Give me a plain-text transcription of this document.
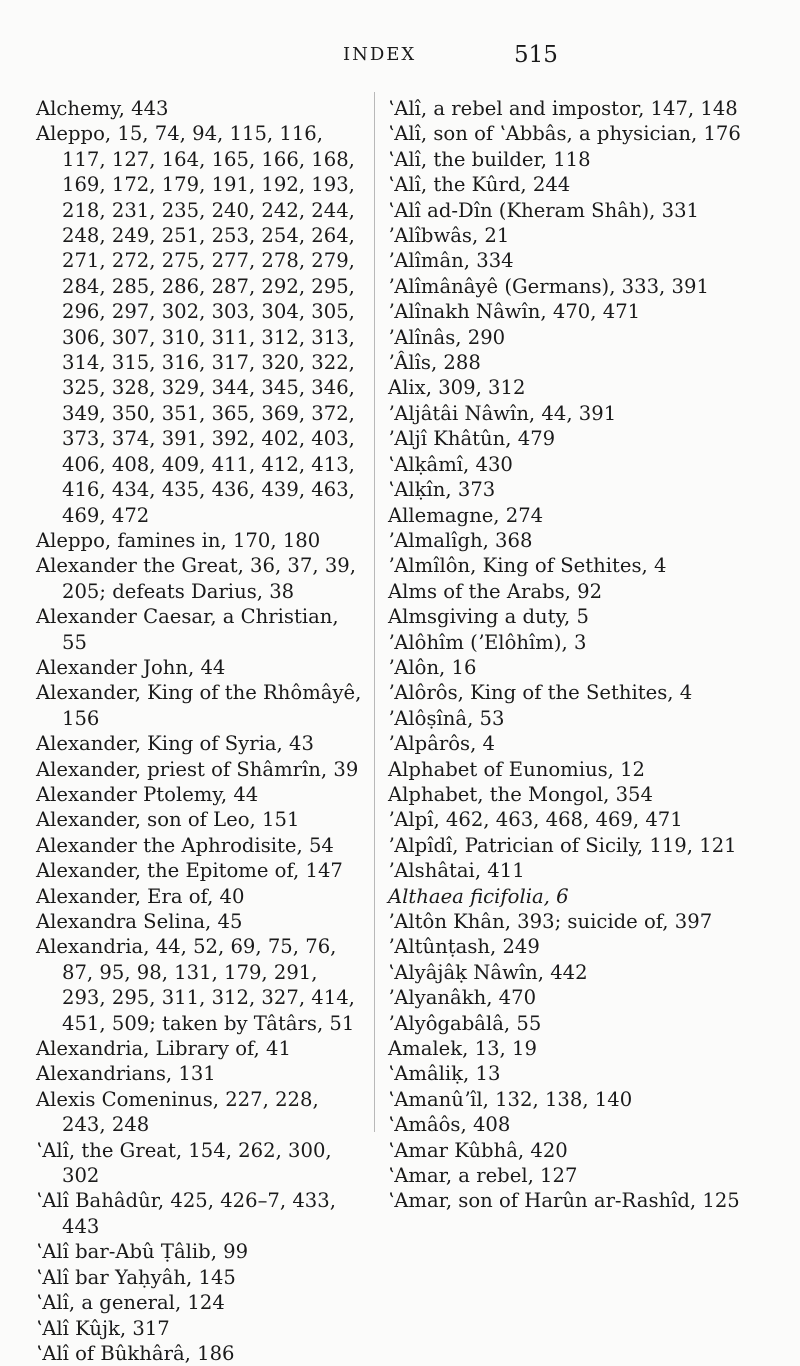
INDEX	515
Alchemy, 443
Aleppo, 15, 74, 94, 115, 116, 117, 127, 164, 165, 166, 168, 169, 172, 179, 191, 192, 193, 218, 231, 235, 240, 242, 244, 248, 249, 251, 253, 254, 264, 271, 272, 275, 277, 278, 279, 284, 285, 286, 287, 292, 295, 296, 297, 302, 303, 304, 305, 306, 307, 310, 311, 312, 313, 314, 315, 316, 317, 320, 322, 325, 328, 329, 344, 345, 346, 349, 350, 351, 365, 369, 372, 373, 374, 391, 392, 402, 403, 406, 408, 409, 411, 412, 413, 416, 434, 435, 436, 439, 463, 469, 472
Aleppo, famines in, 170, 180
Alexander the Great, 36, 37, 39, 205; defeats Darius, 38
Alexander Caesar, a Christian, 55
Alexander John, 44
Alexander, King of the Rhômâyê, 156
Alexander, King of Syria, 43
Alexander, priest of Shâmrîn, 39
Alexander Ptolemy, 44
Alexander, son of Leo, 151
Alexander the Aphrodisite, 54
Alexander, the Epitome of, 147
Alexander, Era of, 40
Alexandra Selina, 45
Alexandria, 44, 52, 69, 75, 76, 87, 95, 98, 131, 179, 291, 293, 295, 311, 312, 327, 414, 451, 509; taken by Tâtârs, 51
Alexandria, Library of, 41
Alexandrians, 131
Alexis Comeninus, 227, 228, 243, 248
ʽAlî, the Great, 154, 262, 300, 302
ʽAlî Bahâdûr, 425, 426–7, 433, 443
ʽAlî bar-Abû Ṭâlib, 99
ʽAlî bar Yaḥyâh, 145
ʽAlî, a general, 124
ʽAlî Kûjk, 317
ʽAlî of Bûkhârâ, 186
ʽAlî, a rebel and impostor, 147, 148
ʽAlî, son of ʽAbbâs, a physician, 176
ʽAlî, the builder, 118
ʽAlî, the Kûrd, 244
ʽAlî ad-Dîn (Kheram Shâh), 331
ʼAlîbwâs, 21
ʼAlîmân, 334
ʼAlîmânâyê (Germans), 333, 391
ʼAlînakh Nâwîn, 470, 471
ʼAlînâs, 290
ʼÂlîs, 288
Alix, 309, 312
ʼAljâtâi Nâwîn, 44, 391
ʼAljî Khâtûn, 479
ʽAlḳâmî, 430
ʽAlḳîn, 373
Allemagne, 274
ʼAlmalîgh, 368
ʼAlmîlôn, King of Sethites, 4
Alms of the Arabs, 92
Almsgiving a duty, 5
ʼAlôhîm (ʼElôhîm), 3
ʼAlôn, 16
ʼAlôrôs, King of the Sethites, 4
ʼAlôṣînâ, 53
ʼAlpârôs, 4
Alphabet of Eunomius, 12
Alphabet, the Mongol, 354
ʼAlpî, 462, 463, 468, 469, 471
ʼAlpîdî, Patrician of Sicily, 119, 121
ʼAlshâtai, 411
Althaea ficifolia, 6
ʼAltôn Khân, 393; suicide of, 397
ʼAltûnṭash, 249
ʽAlyâjâḳ Nâwîn, 442
ʼAlyanâkh, 470
ʼAlyôgabâlâ, 55
Amalek, 13, 19
ʽAmâliḳ, 13
ʽAmanûʼîl, 132, 138, 140
ʽAmâôs, 408
ʽAmar Kûbhâ, 420
ʽAmar, a rebel, 127
ʽAmar, son of Harûn ar-Rashîd, 125
